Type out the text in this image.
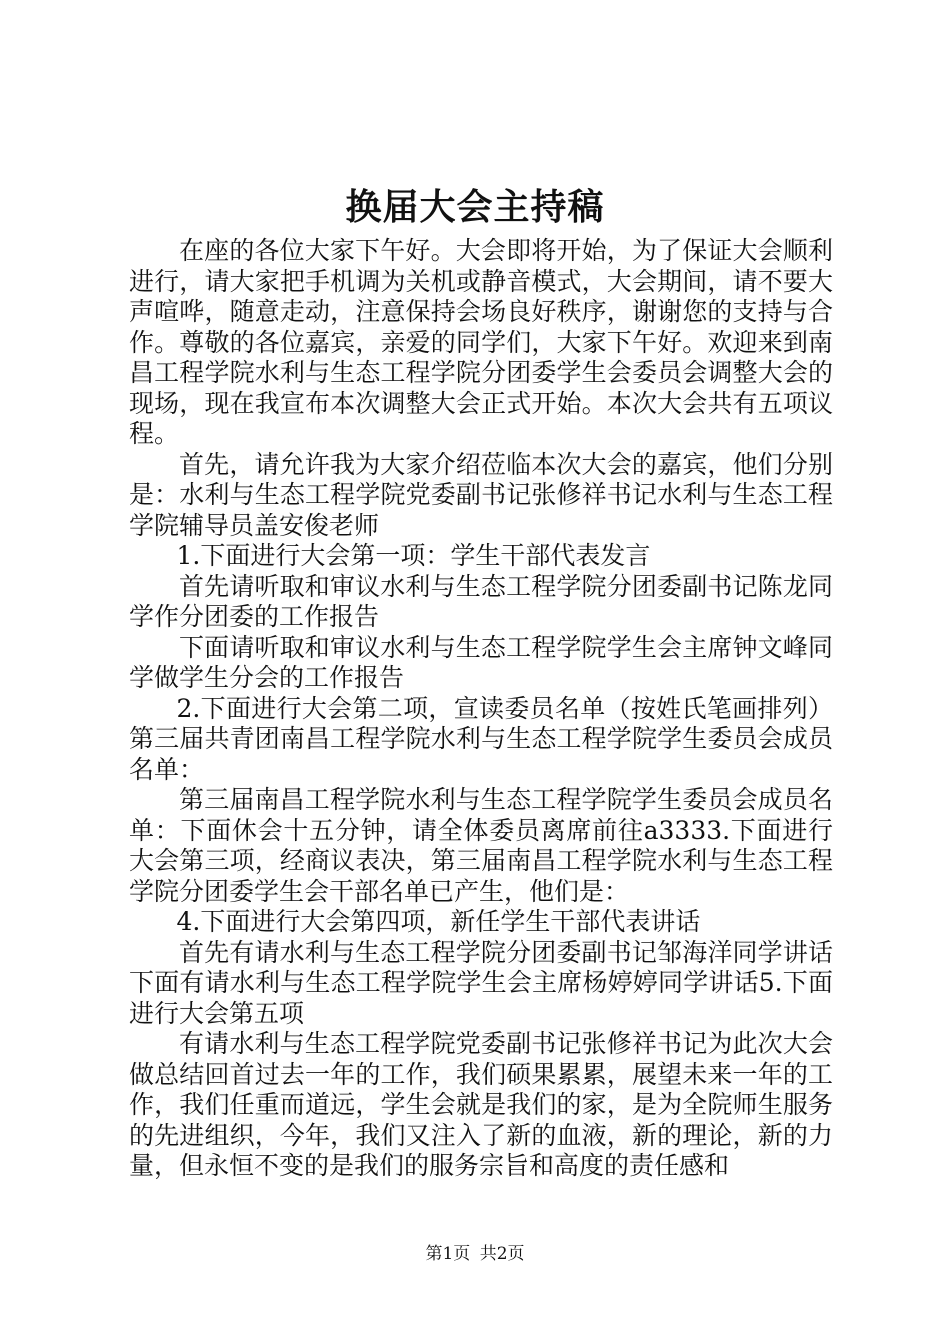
换届大会主持稿

在座的各位大家下午好。大会即将开始，为了保证大会顺利进行，请大家把手机调为关机或静音模式，大会期间，请不要大声喧哗，随意走动，注意保持会场良好秩序，谢谢您的支持与合作。尊敬的各位嘉宾，亲爱的同学们，大家下午好。欢迎来到南昌工程学院水利与生态工程学院分团委学生会委员会调整大会的现场，现在我宣布本次调整大会正式开始。本次大会共有五项议程。

首先，请允许我为大家介绍莅临本次大会的嘉宾，他们分别是：水利与生态工程学院党委副书记张修祥书记水利与生态工程学院辅导员盖安俊老师

1.下面进行大会第一项：学生干部代表发言

首先请听取和审议水利与生态工程学院分团委副书记陈龙同学作分团委的工作报告

下面请听取和审议水利与生态工程学院学生会主席钟文峰同学做学生分会的工作报告

2.下面进行大会第二项，宣读委员名单（按姓氏笔画排列）第三届共青团南昌工程学院水利与生态工程学院学生委员会成员名单：

第三届南昌工程学院水利与生态工程学院学生委员会成员名单：下面休会十五分钟，请全体委员离席前往a3333.下面进行大会第三项，经商议表决，第三届南昌工程学院水利与生态工程学院分团委学生会干部名单已产生，他们是：

4.下面进行大会第四项，新任学生干部代表讲话

首先有请水利与生态工程学院分团委副书记邹海洋同学讲话下面有请水利与生态工程学院学生会主席杨婷婷同学讲话5.下面进行大会第五项

有请水利与生态工程学院党委副书记张修祥书记为此次大会做总结回首过去一年的工作，我们硕果累累，展望未来一年的工作，我们任重而道远，学生会就是我们的家，是为全院师生服务的先进组织，今年，我们又注入了新的血液，新的理论，新的力量，但永恒不变的是我们的服务宗旨和高度的责任感和

第1页 共2页
